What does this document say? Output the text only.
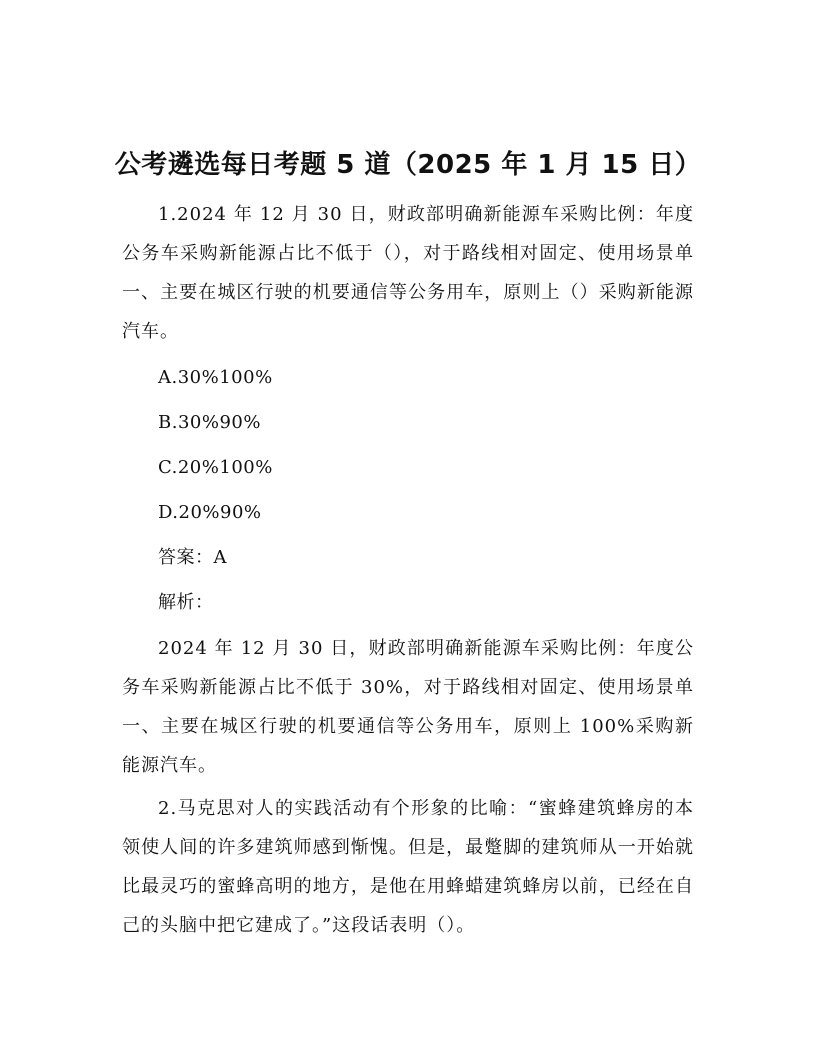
公考遴选每日考题 5 道（2025 年 1 月 15 日）

1.2024 年 12 月 30 日，财政部明确新能源车采购比例：年度公务车采购新能源占比不低于（），对于路线相对固定、使用场景单一、主要在城区行驶的机要通信等公务用车，原则上（）采购新能源汽车。

A.30%100%

B.30%90%

C.20%100%

D.20%90%

答案：A

解析：

2024 年 12 月 30 日，财政部明确新能源车采购比例：年度公务车采购新能源占比不低于 30%，对于路线相对固定、使用场景单一、主要在城区行驶的机要通信等公务用车，原则上 100%采购新能源汽车。

2.马克思对人的实践活动有个形象的比喻：“蜜蜂建筑蜂房的本领使人间的许多建筑师感到惭愧。但是，最蹩脚的建筑师从一开始就比最灵巧的蜜蜂高明的地方，是他在用蜂蜡建筑蜂房以前，已经在自己的头脑中把它建成了。”这段话表明（）。
